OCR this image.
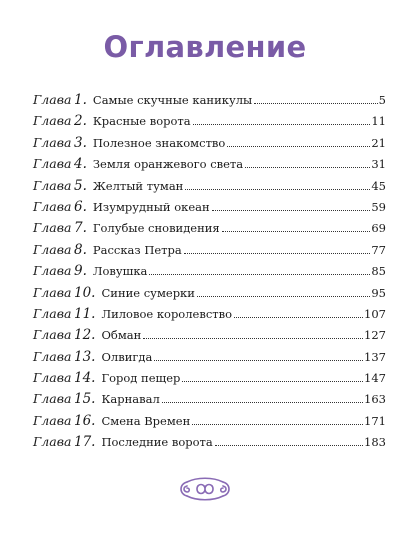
Оглавление
Глава 1. Самые скучные каникулы	5
Глава 2. Красные ворота	11
Глава 3. Полезное знакомство	21
Глава 4. Земля оранжевого света	31
Глава 5. Желтый туман	45
Глава 6. Изумрудный океан	59
Глава 7. Голубые сновидения	69
Глава 8. Рассказ Петра	77
Глава 9. Ловушка	85
Глава 10. Синие сумерки	95
Глава 11. Лиловое королевство	107
Глава 12. Обман	127
Глава 13. Олвигда	137
Глава 14. Город пещер	147
Глава 15. Карнавал	163
Глава 16. Смена Времен	171
Глава 17. Последние ворота	183
